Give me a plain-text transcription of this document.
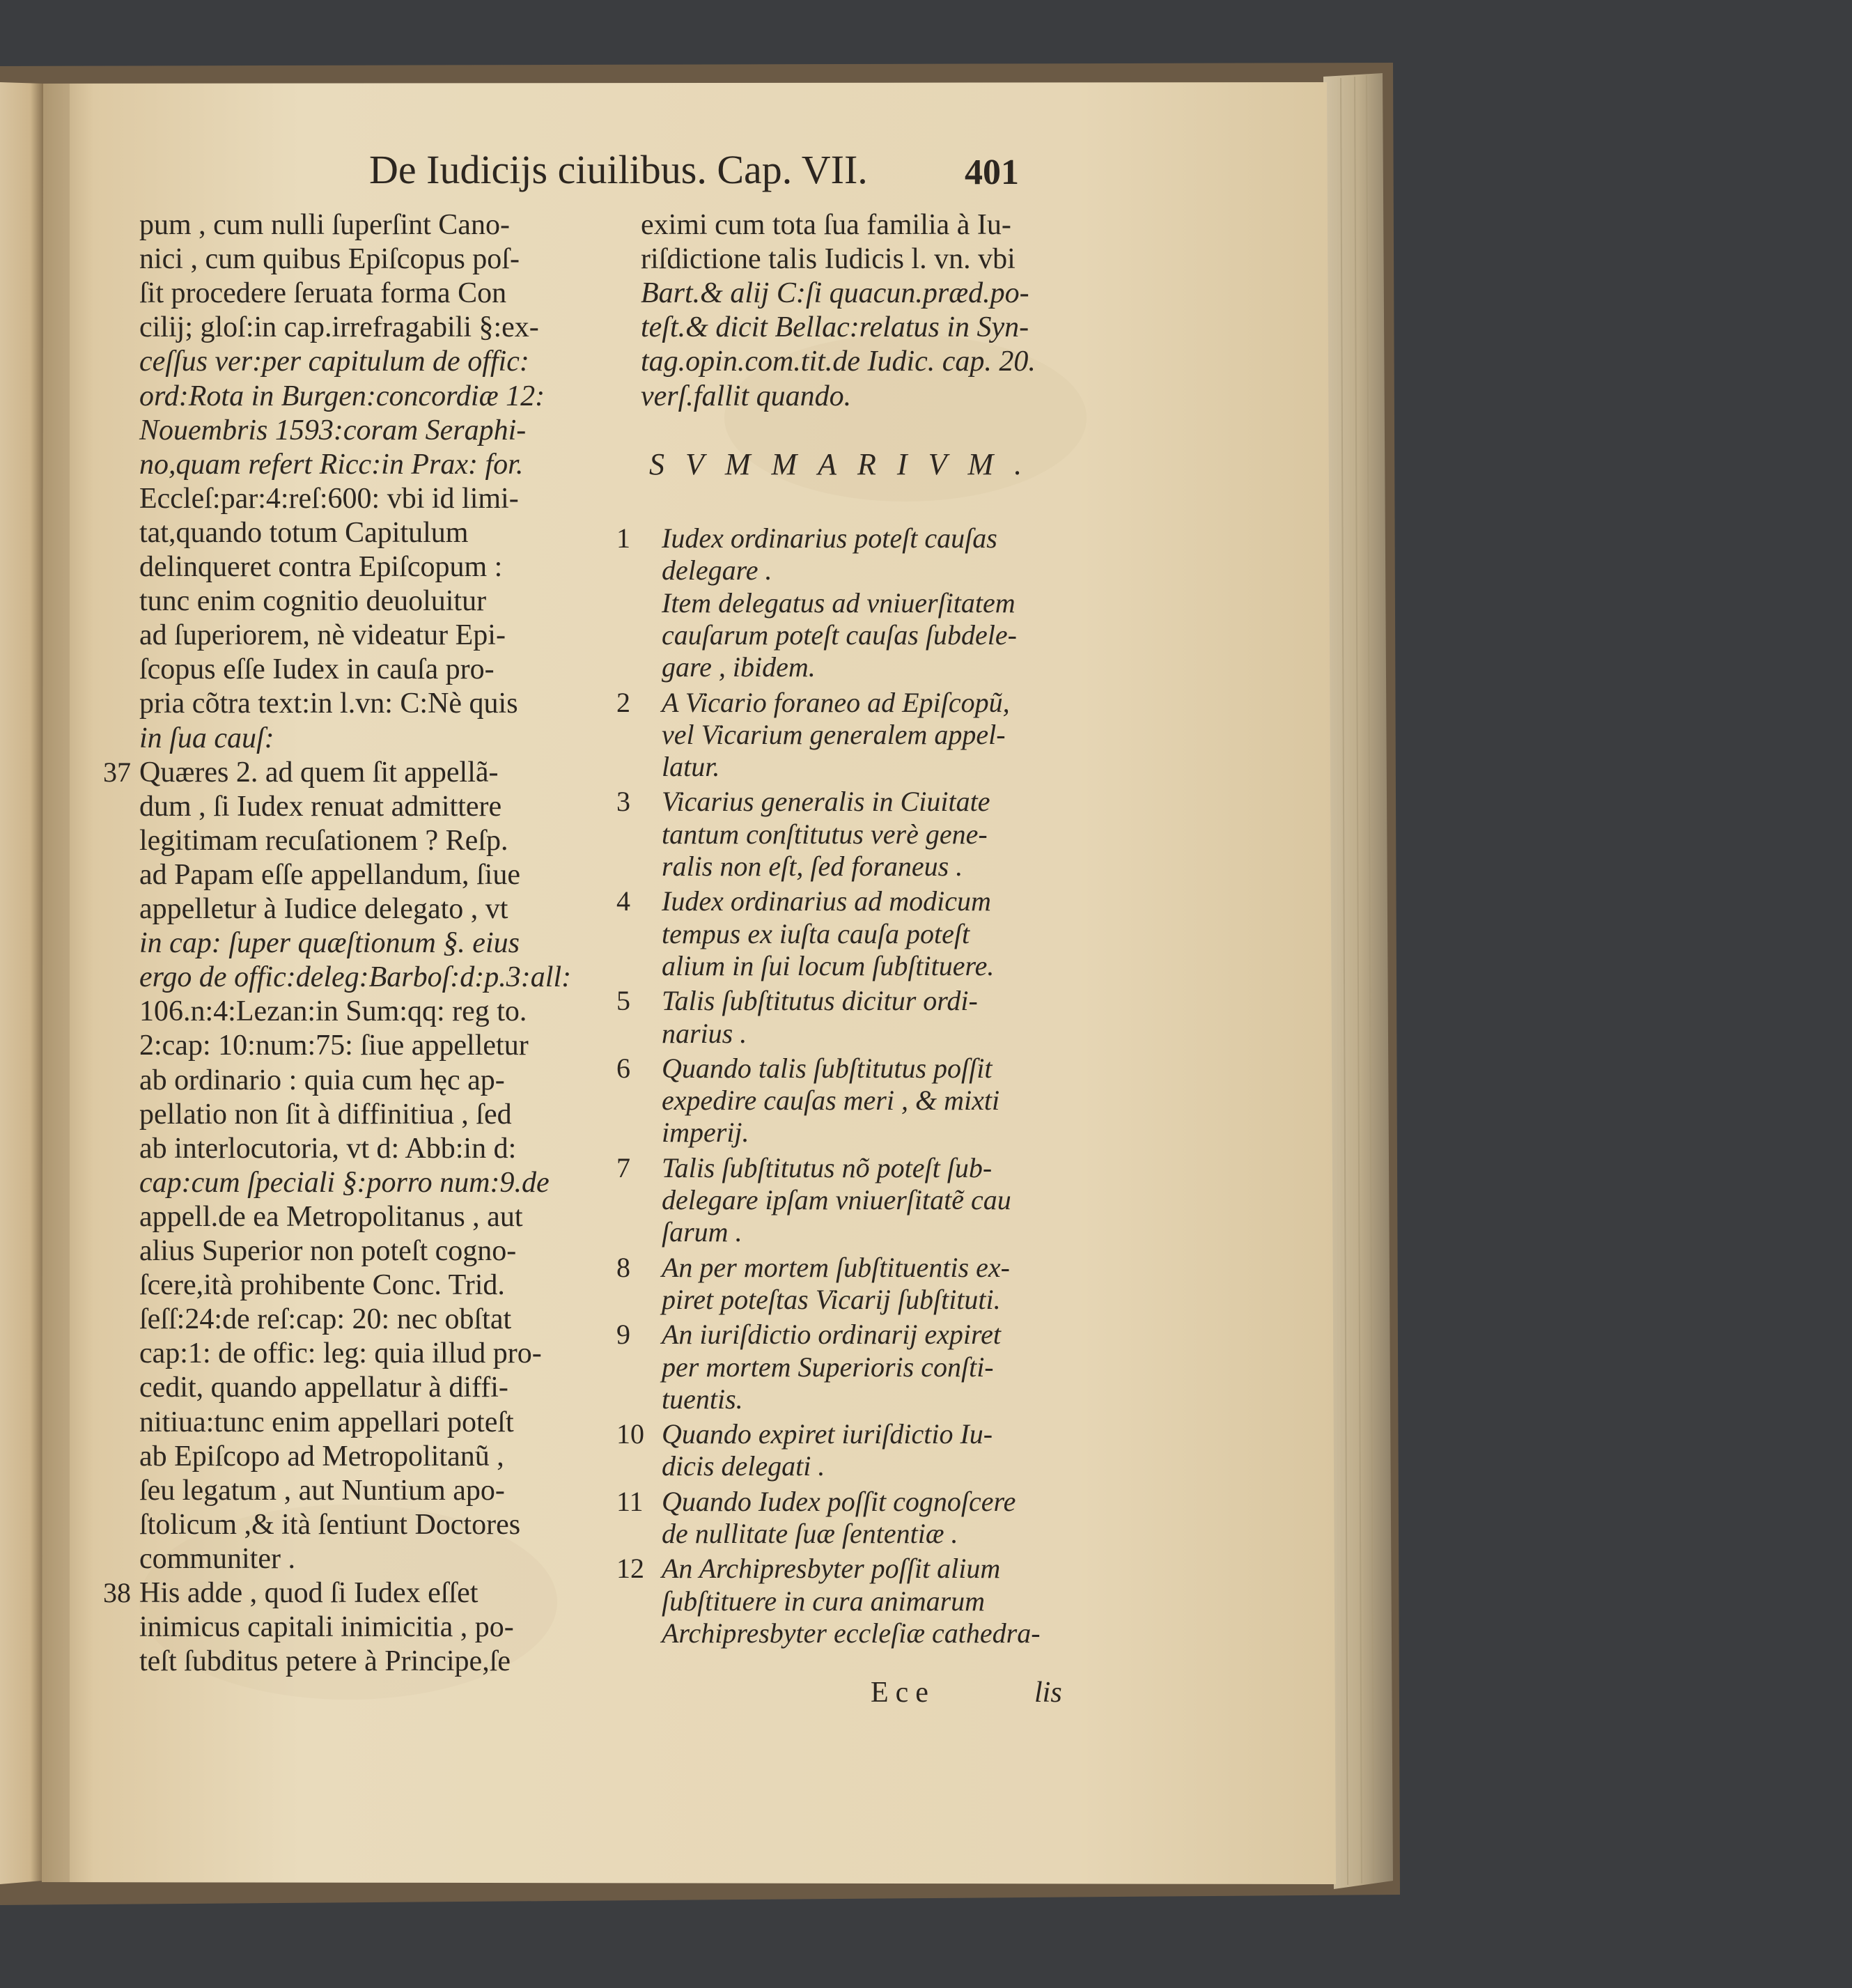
De Iudicijs ciuilibus. Cap. VII.	401
pum , cum nulli ſuperſint Cano-
nici , cum quibus Epiſcopus poſ-
ſit procedere ſeruata forma Con
cilij; gloſ:in cap.irrefragabili §:ex-
ceſſus ver:per capitulum de offic:
ord:Rota in Burgen:concordiæ 12:
Nouembris 1593:coram Seraphi-
no,quam refert Ricc:in Prax: for.
Eccleſ:par:4:reſ:600: vbi id limi-
tat,quando totum Capitulum
delinqueret contra Epiſcopum :
tunc enim cognitio deuoluitur
ad ſuperiorem, nè videatur Epi-
ſcopus eſſe Iudex in cauſa pro-
pria cõtra text:in l.vn: C:Nè quis
in ſua cauſ:
Quæres 2. ad quem ſit appellã-
dum , ſi Iudex renuat admittere
legitimam recuſationem ? Reſp.
ad Papam eſſe appellandum, ſiue
appelletur à Iudice delegato , vt
in cap: ſuper quæſtionum §. eius
ergo de offic:deleg:Barboſ:d:p.3:all:
106.n:4:Lezan:in Sum:qq: reg to.
2:cap: 10:num:75: ſiue appelletur
ab ordinario : quia cum hęc ap-
pellatio non ſit à diffinitiua , ſed
ab interlocutoria, vt d: Abb:in d:
cap:cum ſpeciali §:porro num:9.de
appell.de ea Metropolitanus , aut
alius Superior non poteſt cogno-
ſcere,ità prohibente Conc. Trid.
ſeſſ:24:de reſ:cap: 20: nec obſtat
cap:1: de offic: leg: quia illud pro-
cedit, quando appellatur à diffi-
nitiua:tunc enim appellari poteſt
ab Epiſcopo ad Metropolitanũ ,
ſeu legatum , aut Nuntium apo-
ſtolicum ,& ità ſentiunt Doctores
communiter .
His adde , quod ſi Iudex eſſet
inimicus capitali inimicitia , po-
teſt ſubditus petere à Principe,ſe
37
38
eximi cum tota ſua familia à Iu-
riſdictione talis Iudicis l. vn. vbi
Bart.& alij C:ſi quacun.præd.po-
teſt.& dicit Bellac:relatus in Syn-
tag.opin.com.tit.de Iudic. cap. 20.
verſ.fallit quando.
SVMMARIVM.
1 Iudex ordinarius poteſt cauſas
delegare .
Item delegatus ad vniuerſitatem
cauſarum poteſt cauſas ſubdele-
gare , ibidem.
2 A Vicario foraneo ad Epiſcopũ,
vel Vicarium generalem appel-
latur.
3 Vicarius generalis in Ciuitate
tantum conſtitutus verè gene-
ralis non eſt, ſed foraneus .
4 Iudex ordinarius ad modicum
tempus ex iuſta cauſa poteſt
alium in ſui locum ſubſtituere.
5 Talis ſubſtitutus dicitur ordi-
narius .
6 Quando talis ſubſtitutus poſſit
expedire cauſas meri , & mixti
imperij.
7 Talis ſubſtitutus nõ poteſt ſub-
delegare ipſam vniuerſitatẽ cau
ſarum .
8 An per mortem ſubſtituentis ex-
piret poteſtas Vicarij ſubſtituti.
9 An iuriſdictio ordinarij expiret
per mortem Superioris conſti-
tuentis.
10 Quando expiret iuriſdictio Iu-
dicis delegati .
11 Quando Iudex poſſit cognoſcere
de nullitate ſuæ ſententiæ .
12 An Archipresbyter poſſit alium
ſubſtituere in cura animarum
Archipresbyter eccleſiæ cathedra-
Ece	lis
